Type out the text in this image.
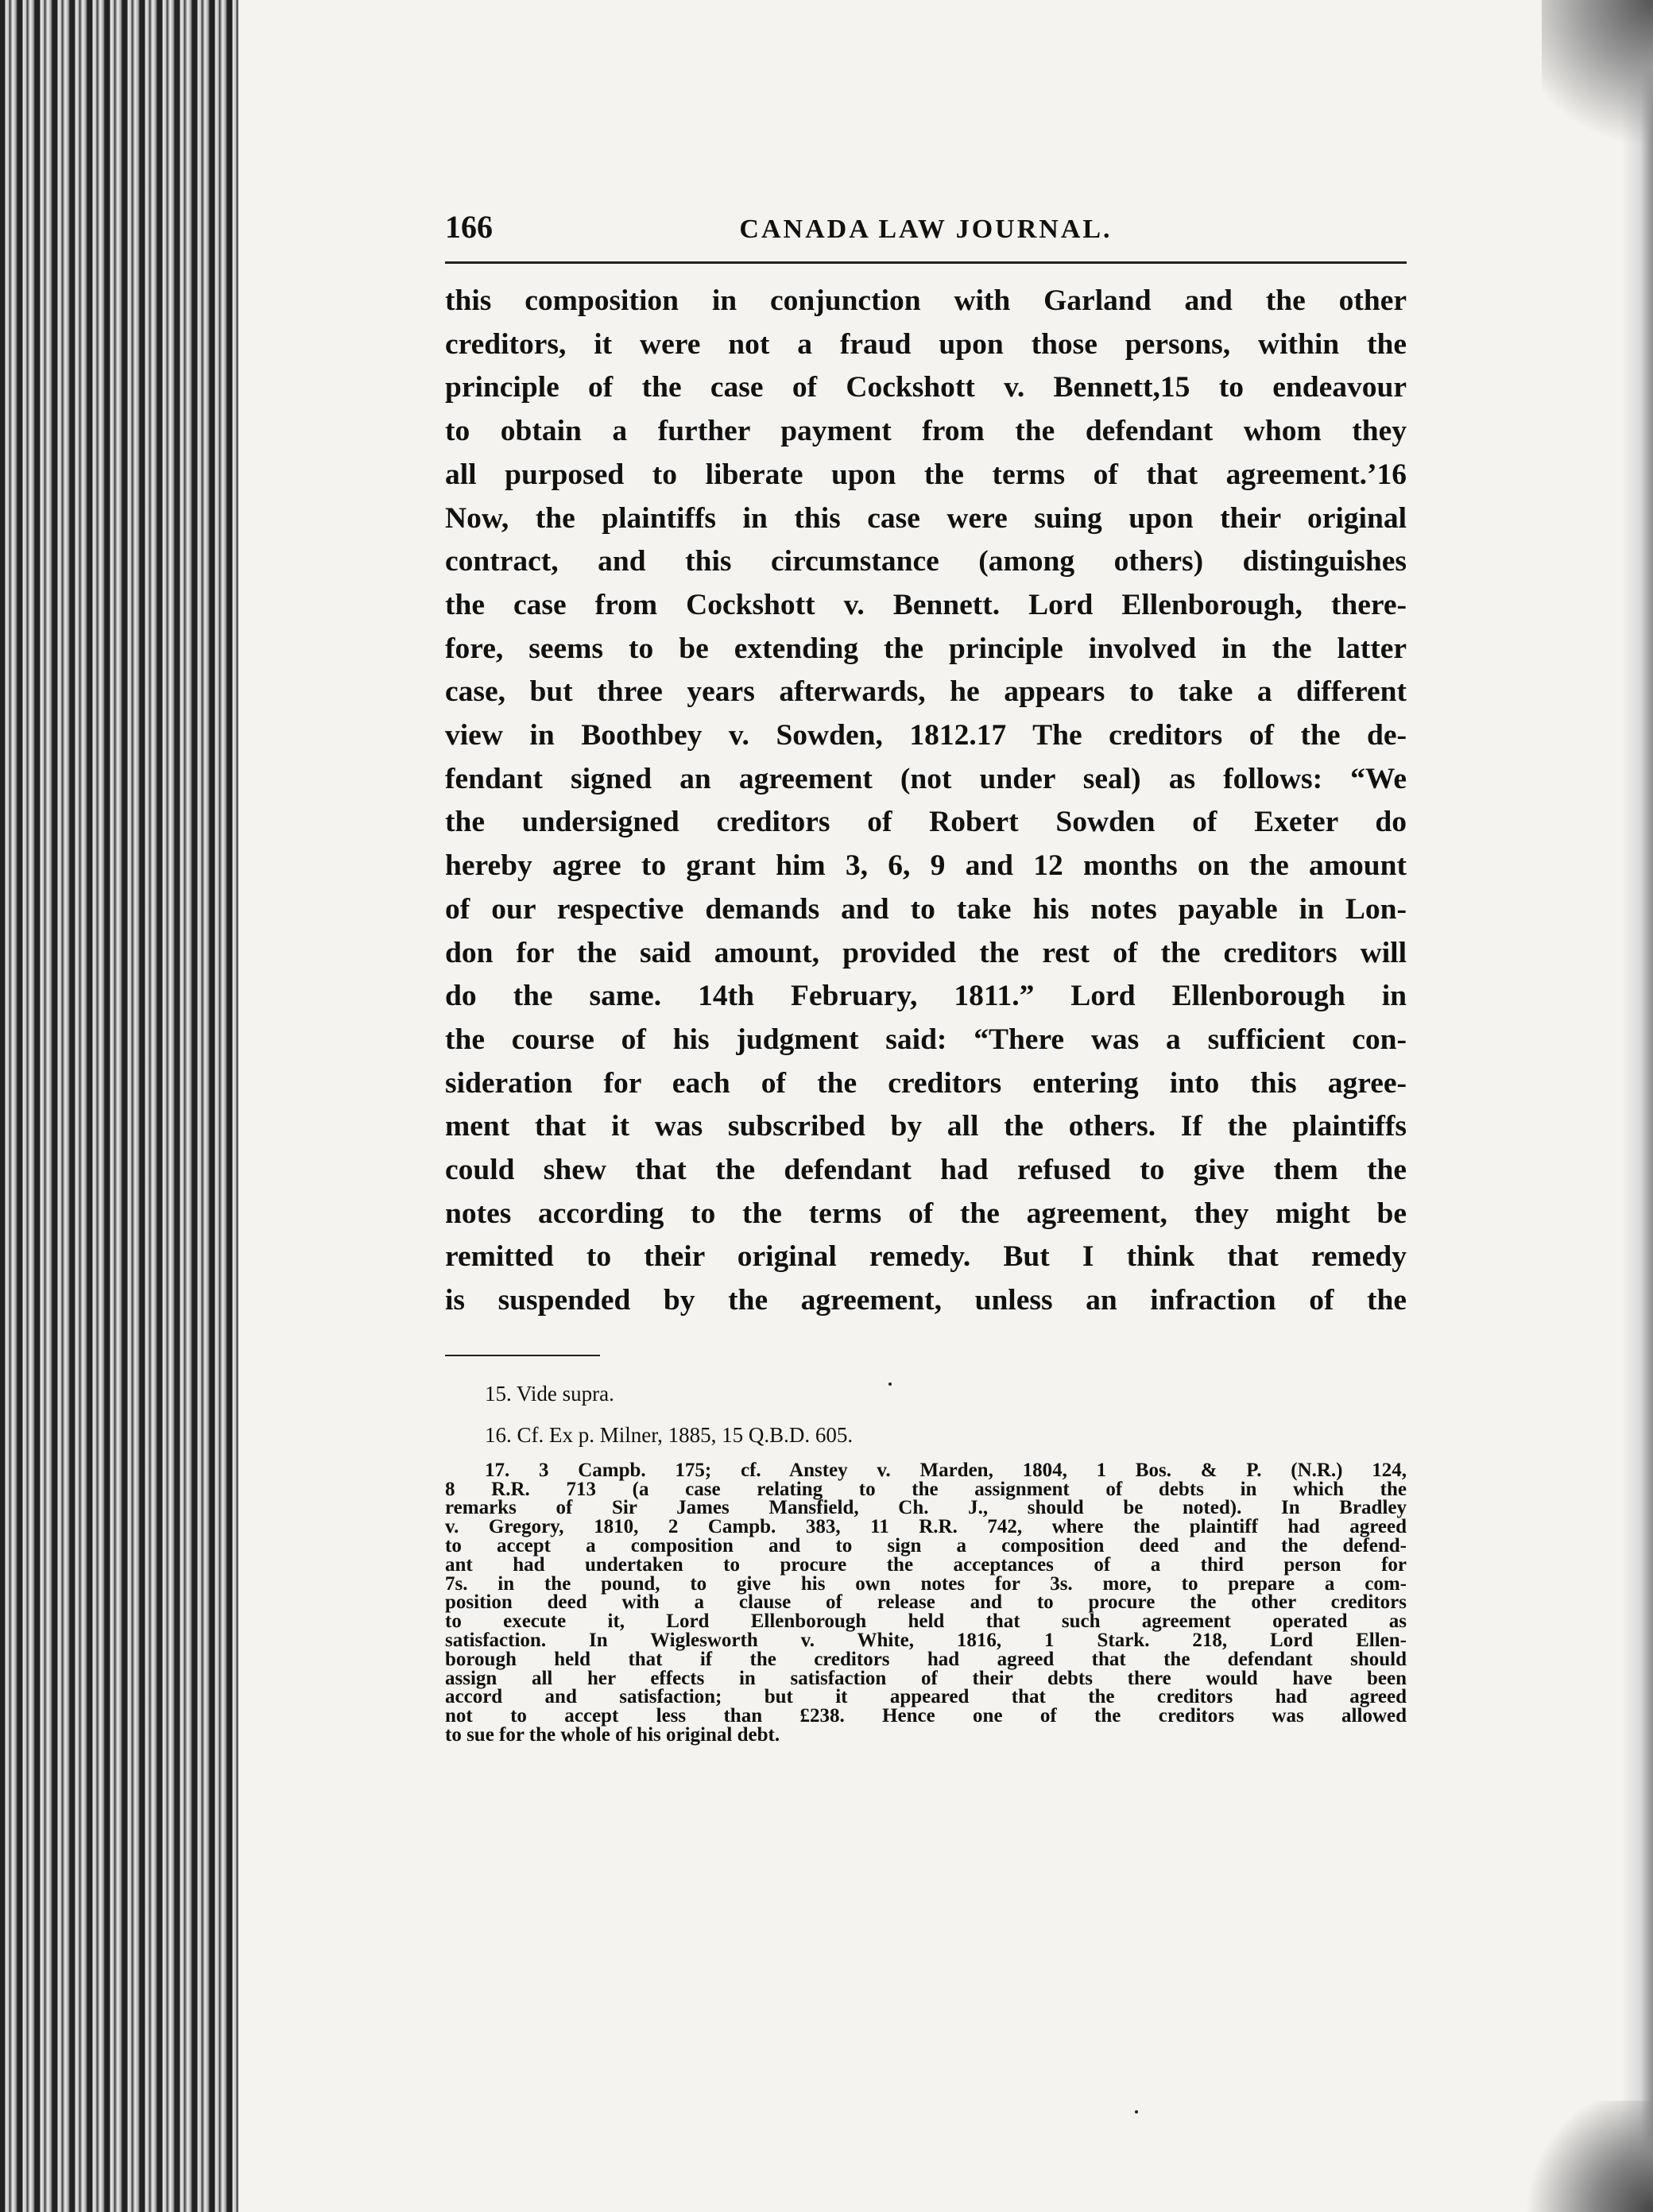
166	CANADA LAW JOURNAL.
this composition in conjunction with Garland and the other
creditors, it were not a fraud upon those persons, within the
principle of the case of Cockshott v. Bennett,15 to endeavour
to obtain a further payment from the defendant whom they
all purposed to liberate upon the terms of that agreement.’16
Now, the plaintiffs in this case were suing upon their original
contract, and this circumstance (among others) distinguishes
the case from Cockshott v. Bennett. Lord Ellenborough, there-
fore, seems to be extending the principle involved in the latter
case, but three years afterwards, he appears to take a different
view in Boothbey v. Sowden, 1812.17 The creditors of the de-
fendant signed an agreement (not under seal) as follows: “We
the undersigned creditors of Robert Sowden of Exeter do
hereby agree to grant him 3, 6, 9 and 12 months on the amount
of our respective demands and to take his notes payable in Lon-
don for the said amount, provided the rest of the creditors will
do the same. 14th February, 1811.” Lord Ellenborough in
the course of his judgment said: “There was a sufficient con-
sideration for each of the creditors entering into this agree-
ment that it was subscribed by all the others. If the plaintiffs
could shew that the defendant had refused to give them the
notes according to the terms of the agreement, they might be
remitted to their original remedy. But I think that remedy
is suspended by the agreement, unless an infraction of the

15. Vide supra.

16. Cf. Ex p. Milner, 1885, 15 Q.B.D. 605.

17. 3 Campb. 175; cf. Anstey v. Marden, 1804, 1 Bos. & P. (N.R.) 124,
8 R.R. 713 (a case relating to the assignment of debts in which the
remarks of Sir James Mansfield, Ch. J., should be noted). In Bradley
v. Gregory, 1810, 2 Campb. 383, 11 R.R. 742, where the plaintiff had agreed
to accept a composition and to sign a composition deed and the defend-
ant had undertaken to procure the acceptances of a third person for
7s. in the pound, to give his own notes for 3s. more, to prepare a com-
position deed with a clause of release and to procure the other creditors
to execute it, Lord Ellenborough held that such agreement operated as
satisfaction. In Wiglesworth v. White, 1816, 1 Stark. 218, Lord Ellen-
borough held that if the creditors had agreed that the defendant should
assign all her effects in satisfaction of their debts there would have been
accord and satisfaction; but it appeared that the creditors had agreed
not to accept less than £238. Hence one of the creditors was allowed
to sue for the whole of his original debt.
